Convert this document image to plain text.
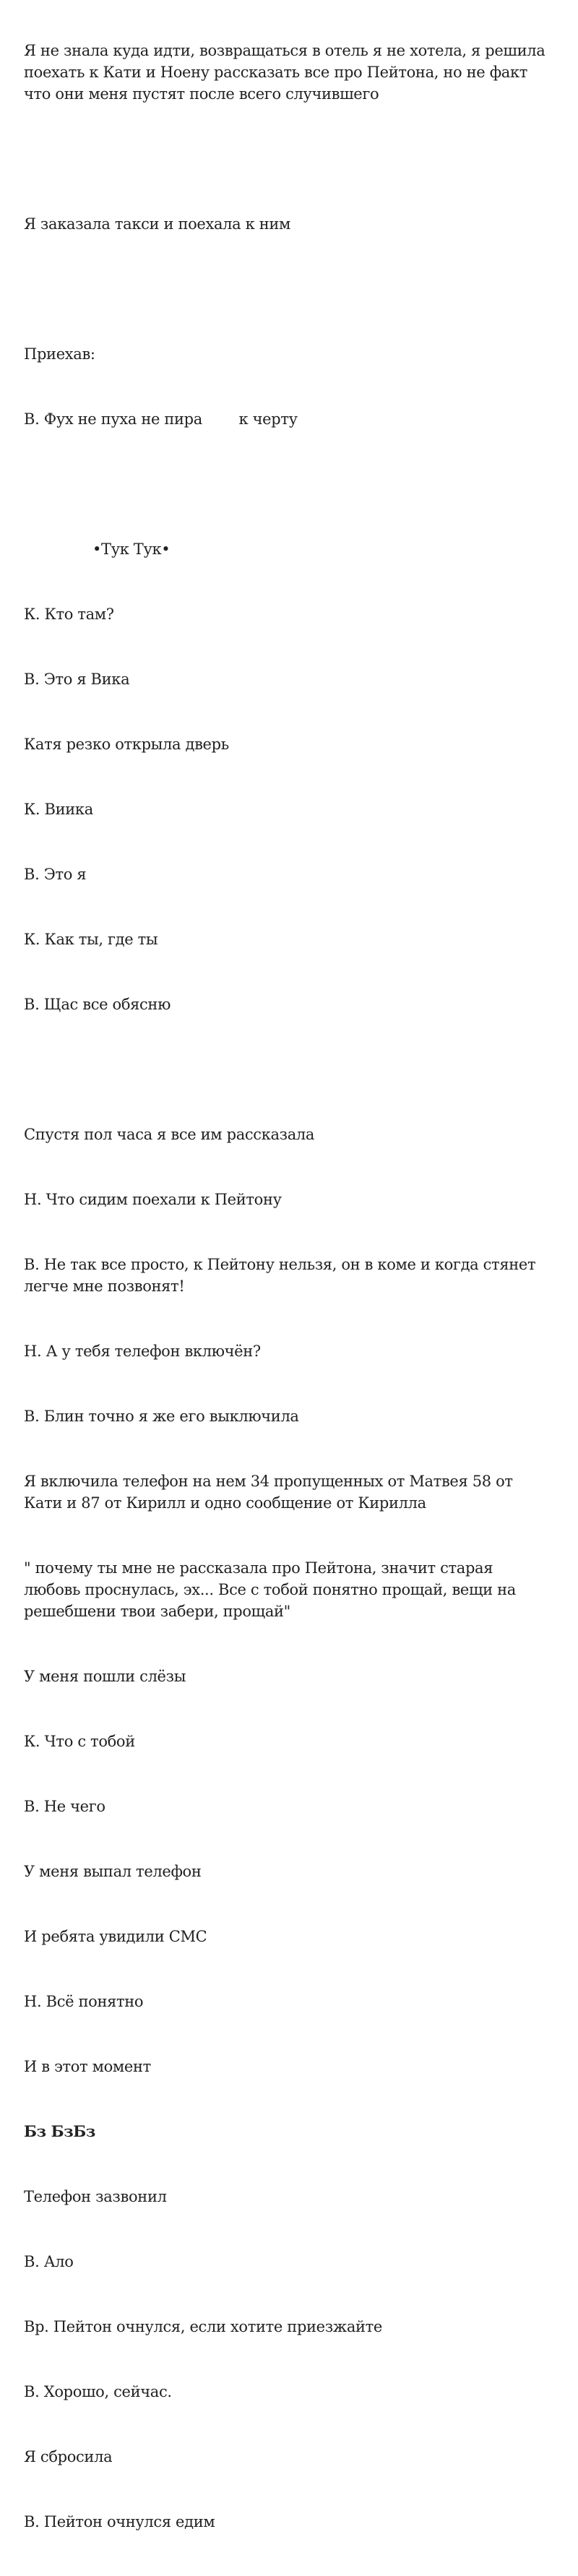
Я не знала куда идти, возвращаться в отель я не хотела, я решила поехать к Кати и Ноену рассказать все про Пейтона, но не факт что они меня пустят после всего случившего

Я заказала такси и поехала к ним

Приехав:

В. Фух не пуха не пира        к черту

•Тук Тук•

К. Кто там?

В. Это я Вика

Катя резко открыла дверь

К. Виика

В. Это я

К. Как ты, где ты

В. Щас все обясню

Спустя пол часа я все им рассказала

Н. Что сидим поехали к Пейтону

В. Не так все просто, к Пейтону нельзя, он в коме и когда стянет легче мне позвонят!

Н. А у тебя телефон включён?

В. Блин точно я же его выключила

Я включила телефон на нем 34 пропущенных от Матвея 58 от Кати и 87 от Кирилл и одно сообщение от Кирилла

" почему ты мне не рассказала про Пейтона, значит старая любовь проснулась, эх... Все с тобой понятно прощай, вещи на решебшени твои забери, прощай"

У меня пошли слёзы

К. Что с тобой

В. Не чего

У меня выпал телефон

И ребята увидили СМС

Н. Всё понятно

И в этот момент

Бз БзБз

Телефон зазвонил

В. Ало

Вр. Пейтон очнулся, если хотите приезжайте

В. Хорошо, сейчас.

Я сбросила

В. Пейтон очнулся едим
